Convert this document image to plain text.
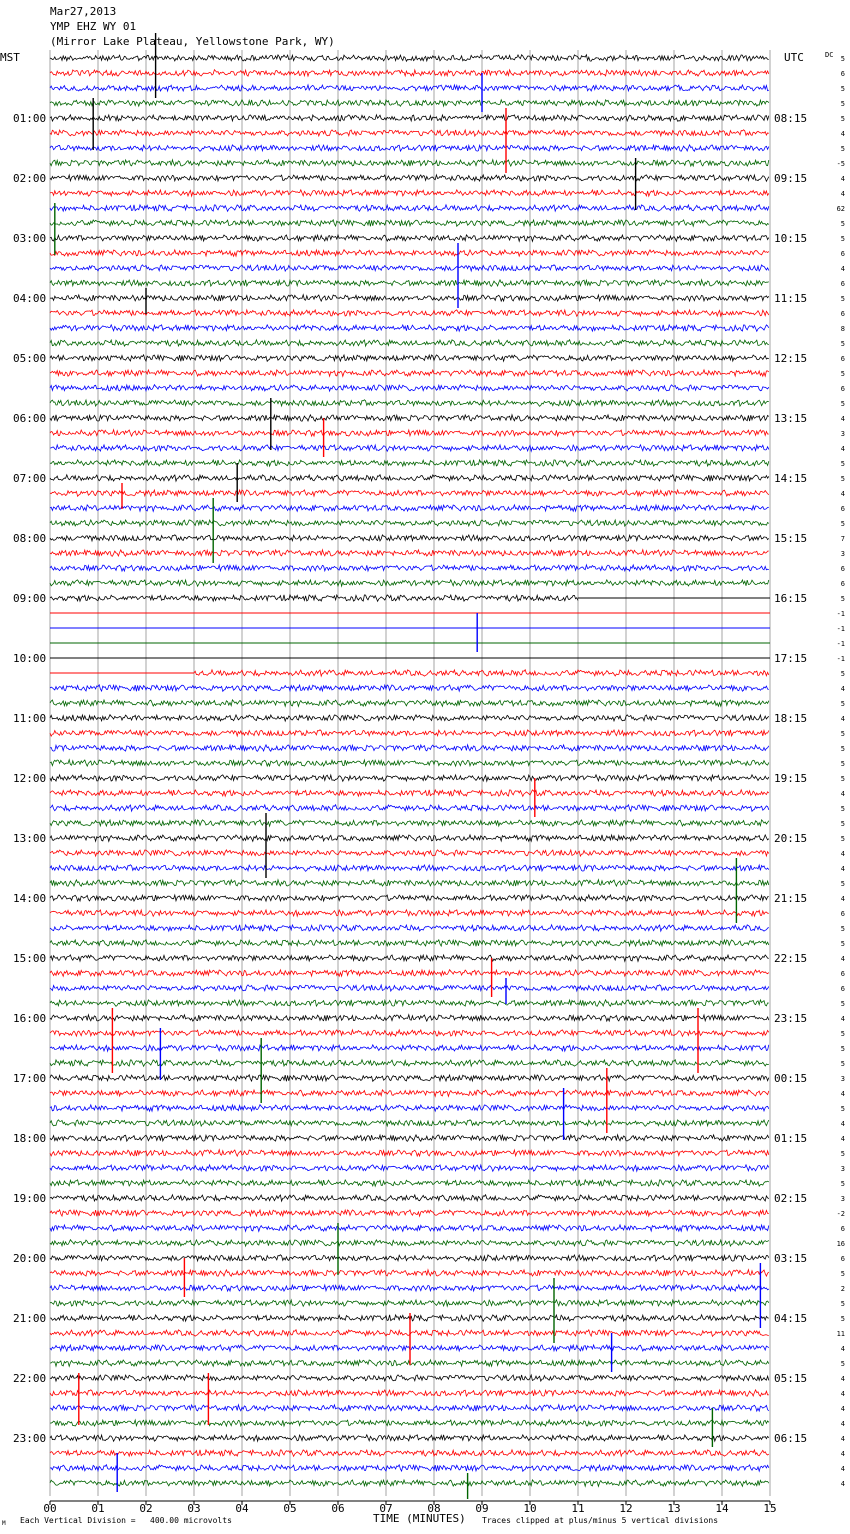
Mar27,2013
YMP EHZ WY 01
(Mirror Lake Plateau, Yellowstone Park, WY)
MST	UTC	DC
01:00
02:00
03:00
04:00
05:00
06:00
07:00
08:00
09:00
10:00
11:00
12:00
13:00
14:00
15:00
16:00
17:00
18:00
19:00
20:00
21:00
22:00
23:00
08:15
09:15
10:15
11:15
12:15
13:15
14:15
15:15
16:15
17:15
18:15
19:15
20:15
21:15
22:15
23:15
00:15
01:15
02:15
03:15
04:15
05:15
06:15
5
6
5
5
5
4
5
-5
4
4
62
5
5
6
4
6
5
6
8
5
6
5
6
5
4
3
4
5
5
4
6
5
7
3
6
6
5
-1
-1
-1
-1
5
4
5
4
5
5
5
5
4
5
5
5
4
4
5
4
6
5
5
4
6
6
5
4
5
5
5
3
4
5
4
4
5
3
5
3
-2
6
16
6
5
2
5
5
11
4
5
4
4
4
4
4
4
4
4
00	01	02	03	04	05	06	07	08	09	10	11	12	13	14	15
TIME (MINUTES)
M Each Vertical Division = 400.00 microvolts	Traces clipped at plus/minus 5 vertical divisions
